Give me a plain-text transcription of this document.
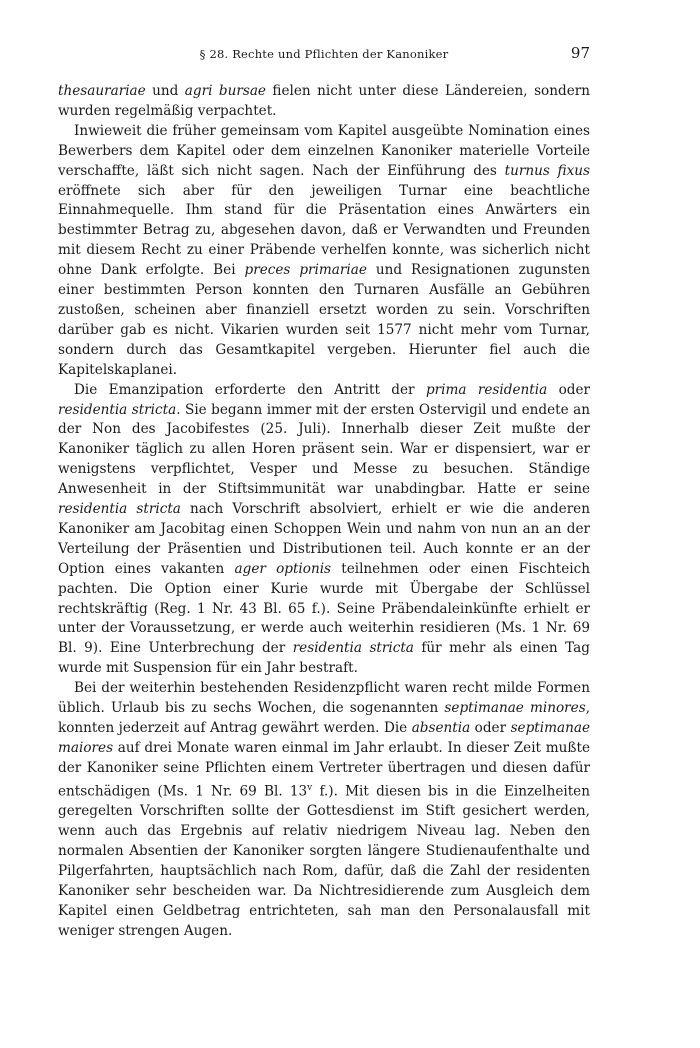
§ 28. Rechte und Pflichten der Kanoniker	97

thesaurariae und agri bursae fielen nicht unter diese Ländereien, sondern wurden regelmäßig verpachtet.

Inwieweit die früher gemeinsam vom Kapitel ausgeübte Nomination eines Bewerbers dem Kapitel oder dem einzelnen Kanoniker materielle Vorteile verschaffte, läßt sich nicht sagen. Nach der Einführung des turnus fixus eröffnete sich aber für den jeweiligen Turnar eine beachtliche Einnahmequelle. Ihm stand für die Präsentation eines Anwärters ein bestimmter Betrag zu, abgesehen davon, daß er Verwandten und Freunden mit diesem Recht zu einer Präbende verhelfen konnte, was sicherlich nicht ohne Dank erfolgte. Bei preces primariae und Resignationen zugunsten einer bestimmten Person konnten den Turnaren Ausfälle an Gebühren zustoßen, scheinen aber finanziell ersetzt worden zu sein. Vorschriften darüber gab es nicht. Vikarien wurden seit 1577 nicht mehr vom Turnar, sondern durch das Gesamtkapitel vergeben. Hierunter fiel auch die Kapitelskaplanei.

Die Emanzipation erforderte den Antritt der prima residentia oder residentia stricta. Sie begann immer mit der ersten Ostervigil und endete an der Non des Jacobifestes (25. Juli). Innerhalb dieser Zeit mußte der Kanoniker täglich zu allen Horen präsent sein. War er dispensiert, war er wenigstens verpflichtet, Vesper und Messe zu besuchen. Ständige Anwesenheit in der Stiftsimmunität war unabdingbar. Hatte er seine residentia stricta nach Vorschrift absolviert, erhielt er wie die anderen Kanoniker am Jacobitag einen Schoppen Wein und nahm von nun an an der Verteilung der Präsentien und Distributionen teil. Auch konnte er an der Option eines vakanten ager optionis teilnehmen oder einen Fischteich pachten. Die Option einer Kurie wurde mit Übergabe der Schlüssel rechtskräftig (Reg. 1 Nr. 43 Bl. 65 f.). Seine Präbendaleinkünfte erhielt er unter der Voraussetzung, er werde auch weiterhin residieren (Ms. 1 Nr. 69 Bl. 9). Eine Unterbrechung der residentia stricta für mehr als einen Tag wurde mit Suspension für ein Jahr bestraft.

Bei der weiterhin bestehenden Residenzpflicht waren recht milde Formen üblich. Urlaub bis zu sechs Wochen, die sogenannten septimanae minores, konnten jederzeit auf Antrag gewährt werden. Die absentia oder septimanae maiores auf drei Monate waren einmal im Jahr erlaubt. In dieser Zeit mußte der Kanoniker seine Pflichten einem Vertreter übertragen und diesen dafür entschädigen (Ms. 1 Nr. 69 Bl. 13$^v$ f.). Mit diesen bis in die Einzelheiten geregelten Vorschriften sollte der Gottesdienst im Stift gesichert werden, wenn auch das Ergebnis auf relativ niedrigem Niveau lag. Neben den normalen Absentien der Kanoniker sorgten längere Studienaufenthalte und Pilgerfahrten, hauptsächlich nach Rom, dafür, daß die Zahl der residenten Kanoniker sehr bescheiden war. Da Nichtresidierende zum Ausgleich dem Kapitel einen Geldbetrag entrichteten, sah man den Personalausfall mit weniger strengen Augen.
